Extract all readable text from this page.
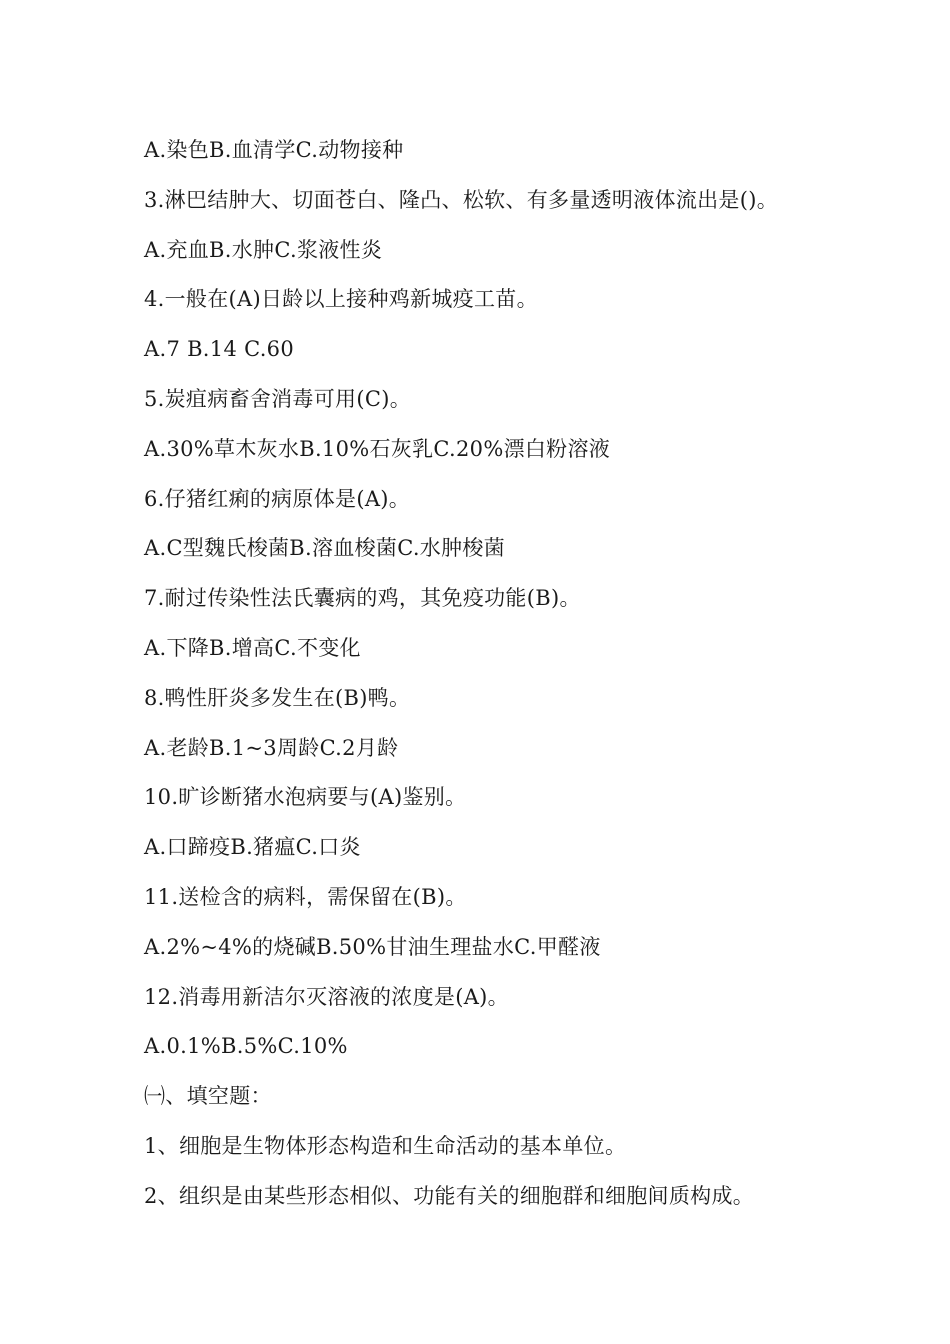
A.染色B.血清学C.动物接种
3.淋巴结肿大、切面苍白、隆凸、松软、有多量透明液体流出是()。
A.充血B.水肿C.浆液性炎
4.一般在(A)日龄以上接种鸡新城疫工苗。
A.7 B.14 C.60
5.炭疽病畜舍消毒可用(C)。
A.30%草木灰水B.10%石灰乳C.20%漂白粉溶液
6.仔猪红痢的病原体是(A)。
A.C型魏氏梭菌B.溶血梭菌C.水肿梭菌
7.耐过传染性法氏囊病的鸡，其免疫功能(B)。
A.下降B.增高C.不变化
8.鸭性肝炎多发生在(B)鸭。
A.老龄B.1~3周龄C.2月龄
10.旷诊断猪水泡病要与(A)鉴别。
A.口蹄疫B.猪瘟C.口炎
11.送检含的病料，需保留在(B)。
A.2%~4%的烧碱B.50%甘油生理盐水C.甲醛液
12.消毒用新洁尔灭溶液的浓度是(A)。
A.0.1%B.5%C.10%
㈠、填空题：
1、细胞是生物体形态构造和生命活动的基本单位。
2、组织是由某些形态相似、功能有关的细胞群和细胞间质构成。
